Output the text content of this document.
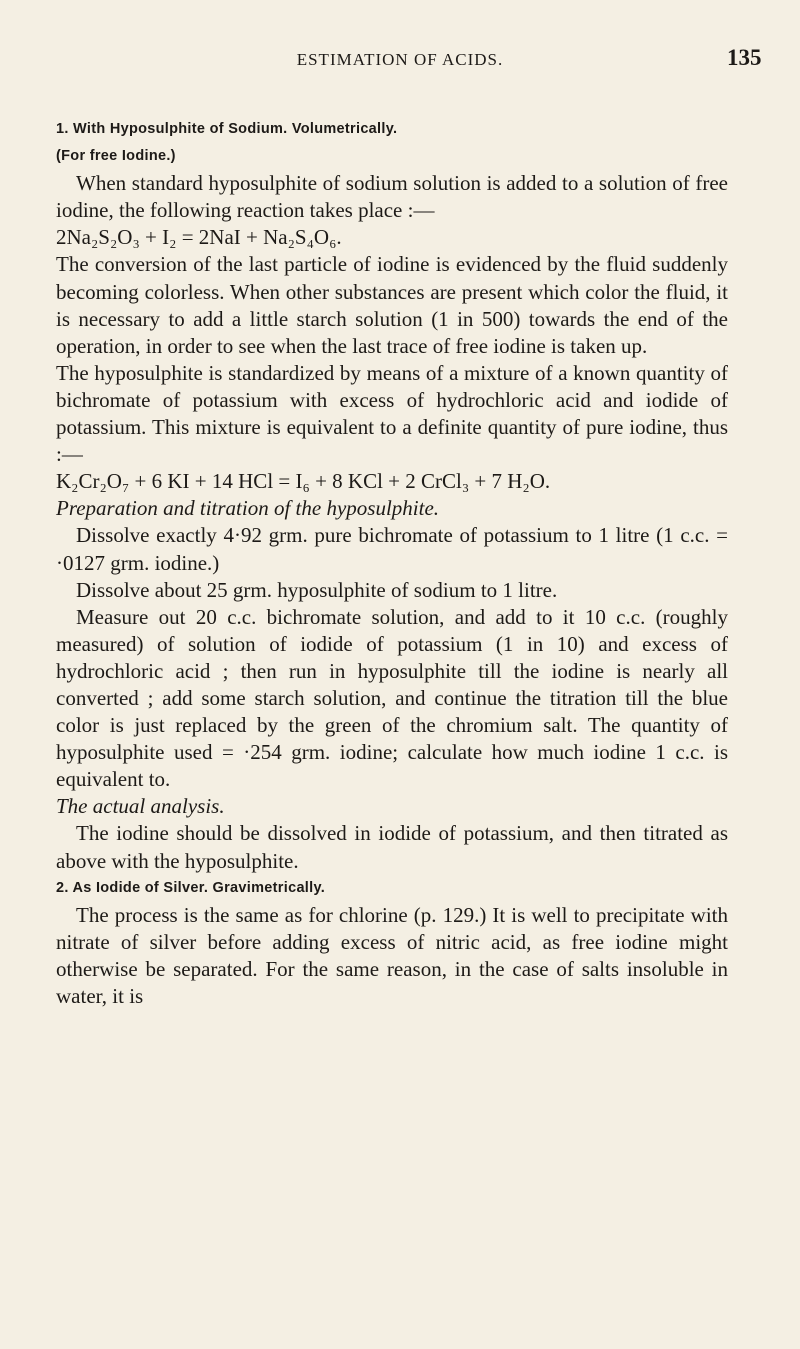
ESTIMATION OF ACIDS.	135

1. With Hyposulphite of Sodium. Volumetrically.

(For free Iodine.)

When standard hyposulphite of sodium solution is added to a solution of free iodine, the following reaction takes place :—

2Na₂S₂O₃ + I₂ = 2NaI + Na₂S₄O₆.

The conversion of the last particle of iodine is evidenced by the fluid suddenly becoming colorless. When other substances are present which color the fluid, it is necessary to add a little starch solution (1 in 500) towards the end of the operation, in order to see when the last trace of free iodine is taken up.

The hyposulphite is standardized by means of a mixture of a known quantity of bichromate of potassium with excess of hydrochloric acid and iodide of potassium. This mixture is equivalent to a definite quantity of pure iodine, thus :—

K₂Cr₂O₇ + 6 KI + 14 HCl = I₆ + 8 KCl + 2 CrCl₃ + 7 H₂O.

Preparation and titration of the hyposulphite.

Dissolve exactly 4·92 grm. pure bichromate of potassium to 1 litre (1 c.c. = ·0127 grm. iodine.)

Dissolve about 25 grm. hyposulphite of sodium to 1 litre.

Measure out 20 c.c. bichromate solution, and add to it 10 c.c. (roughly measured) of solution of iodide of potassium (1 in 10) and excess of hydrochloric acid ; then run in hyposulphite till the iodine is nearly all converted ; add some starch solution, and continue the titration till the blue color is just replaced by the green of the chromium salt. The quantity of hyposulphite used = ·254 grm. iodine; calculate how much iodine 1 c.c. is equivalent to.

The actual analysis.

The iodine should be dissolved in iodide of potassium, and then titrated as above with the hyposulphite.

2. As Iodide of Silver. Gravimetrically.

The process is the same as for chlorine (p. 129.) It is well to precipitate with nitrate of silver before adding excess of nitric acid, as free iodine might otherwise be separated. For the same reason, in the case of salts insoluble in water, it is
